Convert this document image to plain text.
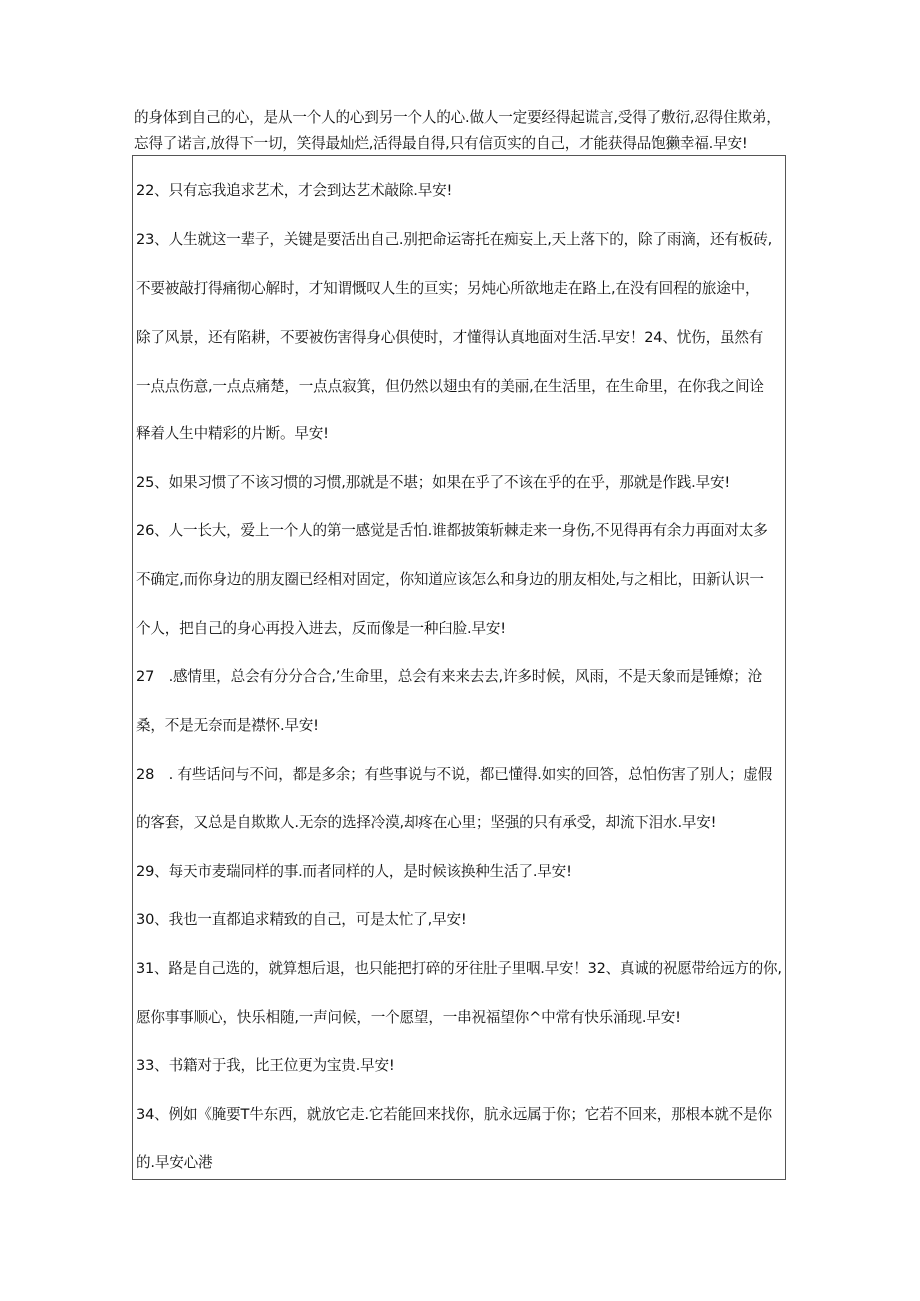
的身体到自己的心，是从一个人的心到另一个人的心.做人一定要经得起谎言,受得了敷衍,忍得住欺弟，
忘得了诺言,放得下一切，笑得最灿烂,活得最自得,只有信页实的自己，才能获得品饱獭幸福.早安!
22、只有忘我追求艺术，才会到达艺术敲除.早安!
23、人生就这一辈子，关键是要活出自己.别把命运寄托在痴妄上,天上落下的，除了雨滴，还有板砖,
不要被敲打得痛彻心解时，才知谓慨叹人生的亘实；另炖心所欲地走在路上,在没有回程的旅途中，
除了风景，还有陷耕，不要被伤害得身心俱使时，才懂得认真地面对生活.早安！24、忧伤，虽然有
一点点伤意,一点点痛楚，一点点寂箕，但仍然以翅虫有的美丽,在生活里，在生命里，在你我之间诠
释着人生中精彩的片断。早安!
25、如果习惯了不该习惯的习惯,那就是不堪；如果在乎了不该在乎的在乎，那就是作践.早安!
26、人一长大，爱上一个人的第一感觉是舌怕.谁都披策斩棘走来一身伤,不见得再有余力再面对太多
不确定,而你身边的朋友圈已经相对固定，你知道应该怎么和身边的朋友相处,与之相比，田新认识一
个人，把自己的身心再投入进去，反而像是一种臼脸.早安!
27　.感情里，总会有分分合合,’生命里，总会有来来去去,许多时候，风雨，不是天象而是锤燎；沧
桑，不是无奈而是襟怀.早安!
28　. 有些话问与不问，都是多余；有些事说与不说，都已懂得.如实的回答，总怕伤害了别人；虚假
的客套，又总是自欺欺人.无奈的选择冷漠,却疼在心里；坚强的只有承受，却流下泪水.早安!
29、每天市麦瑞同样的事.而者同样的人，是时候该换种生活了.早安!
30、我也一直都追求精致的自己，可是太忙了,早安!
31、路是自己选的，就算想后退，也只能把打碎的牙往肚子里咽.早安！32、真诚的祝愿带给远方的你,
愿你事事顺心，快乐相随,一声问候，一个愿望，一串祝福望你^中常有快乐涌现.早安!
33、书籍对于我，比王位更为宝贵.早安!
34、例如《腌要T牛东西，就放它走.它若能回来找你，肮永远属于你；它若不回来，那根本就不是你
的.早安心港
